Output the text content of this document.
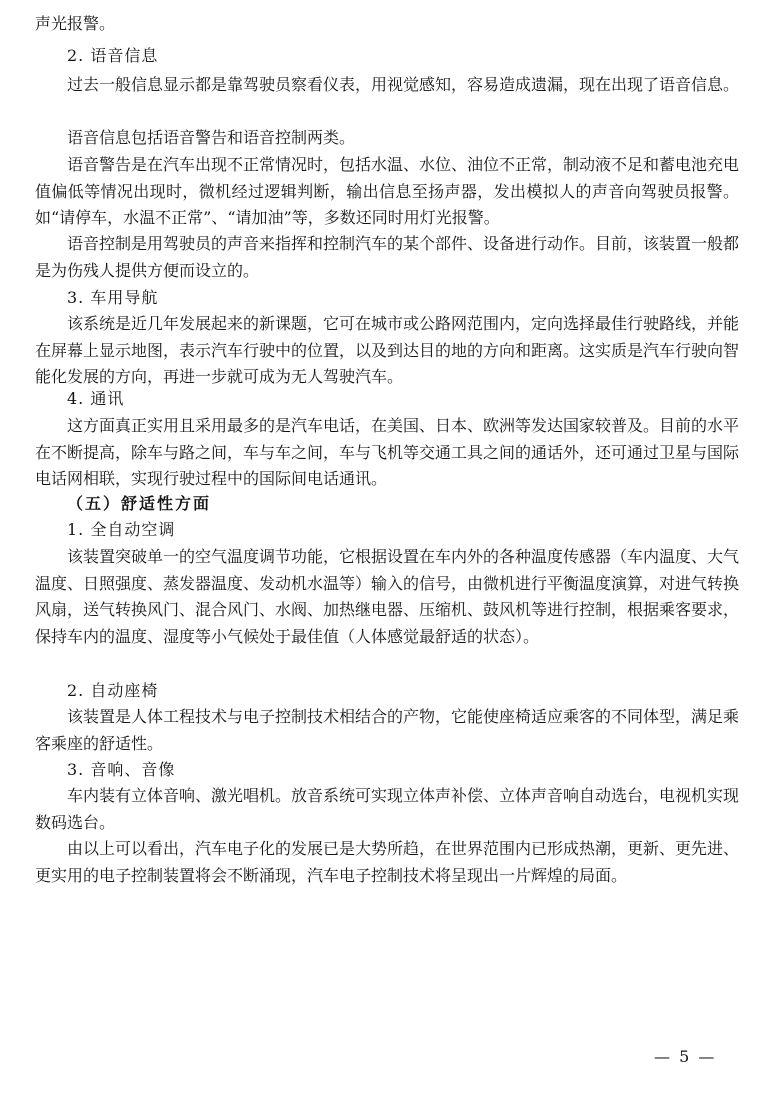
声光报警。
2. 语音信息
过去一般信息显示都是靠驾驶员察看仪表，用视觉感知，容易造成遗漏，现在出现了语音信息。
语音信息包括语音警告和语音控制两类。
语音警告是在汽车出现不正常情况时，包括水温、水位、油位不正常，制动液不足和蓄电池充电值偏低等情况出现时，微机经过逻辑判断，输出信息至扬声器，发出模拟人的声音向驾驶员报警。如“请停车，水温不正常”、“请加油”等，多数还同时用灯光报警。
语音控制是用驾驶员的声音来指挥和控制汽车的某个部件、设备进行动作。目前，该装置一般都是为伤残人提供方便而设立的。
3. 车用导航
该系统是近几年发展起来的新课题，它可在城市或公路网范围内，定向选择最佳行驶路线，并能在屏幕上显示地图，表示汽车行驶中的位置，以及到达目的地的方向和距离。这实质是汽车行驶向智能化发展的方向，再进一步就可成为无人驾驶汽车。
4. 通讯
这方面真正实用且采用最多的是汽车电话，在美国、日本、欧洲等发达国家较普及。目前的水平在不断提高，除车与路之间，车与车之间，车与飞机等交通工具之间的通话外，还可通过卫星与国际电话网相联，实现行驶过程中的国际间电话通讯。
（五）舒适性方面
1. 全自动空调
该装置突破单一的空气温度调节功能，它根据设置在车内外的各种温度传感器（车内温度、大气温度、日照强度、蒸发器温度、发动机水温等）输入的信号，由微机进行平衡温度演算，对进气转换风扇，送气转换风门、混合风门、水阀、加热继电器、压缩机、鼓风机等进行控制，根据乘客要求，保持车内的温度、湿度等小气候处于最佳值（人体感觉最舒适的状态）。
2. 自动座椅
该装置是人体工程技术与电子控制技术相结合的产物，它能使座椅适应乘客的不同体型，满足乘客乘座的舒适性。
3. 音响、音像
车内装有立体音响、激光唱机。放音系统可实现立体声补偿、立体声音响自动选台，电视机实现数码选台。
由以上可以看出，汽车电子化的发展已是大势所趋，在世界范围内已形成热潮，更新、更先进、更实用的电子控制装置将会不断涌现，汽车电子控制技术将呈现出一片辉煌的局面。
— 5 —
